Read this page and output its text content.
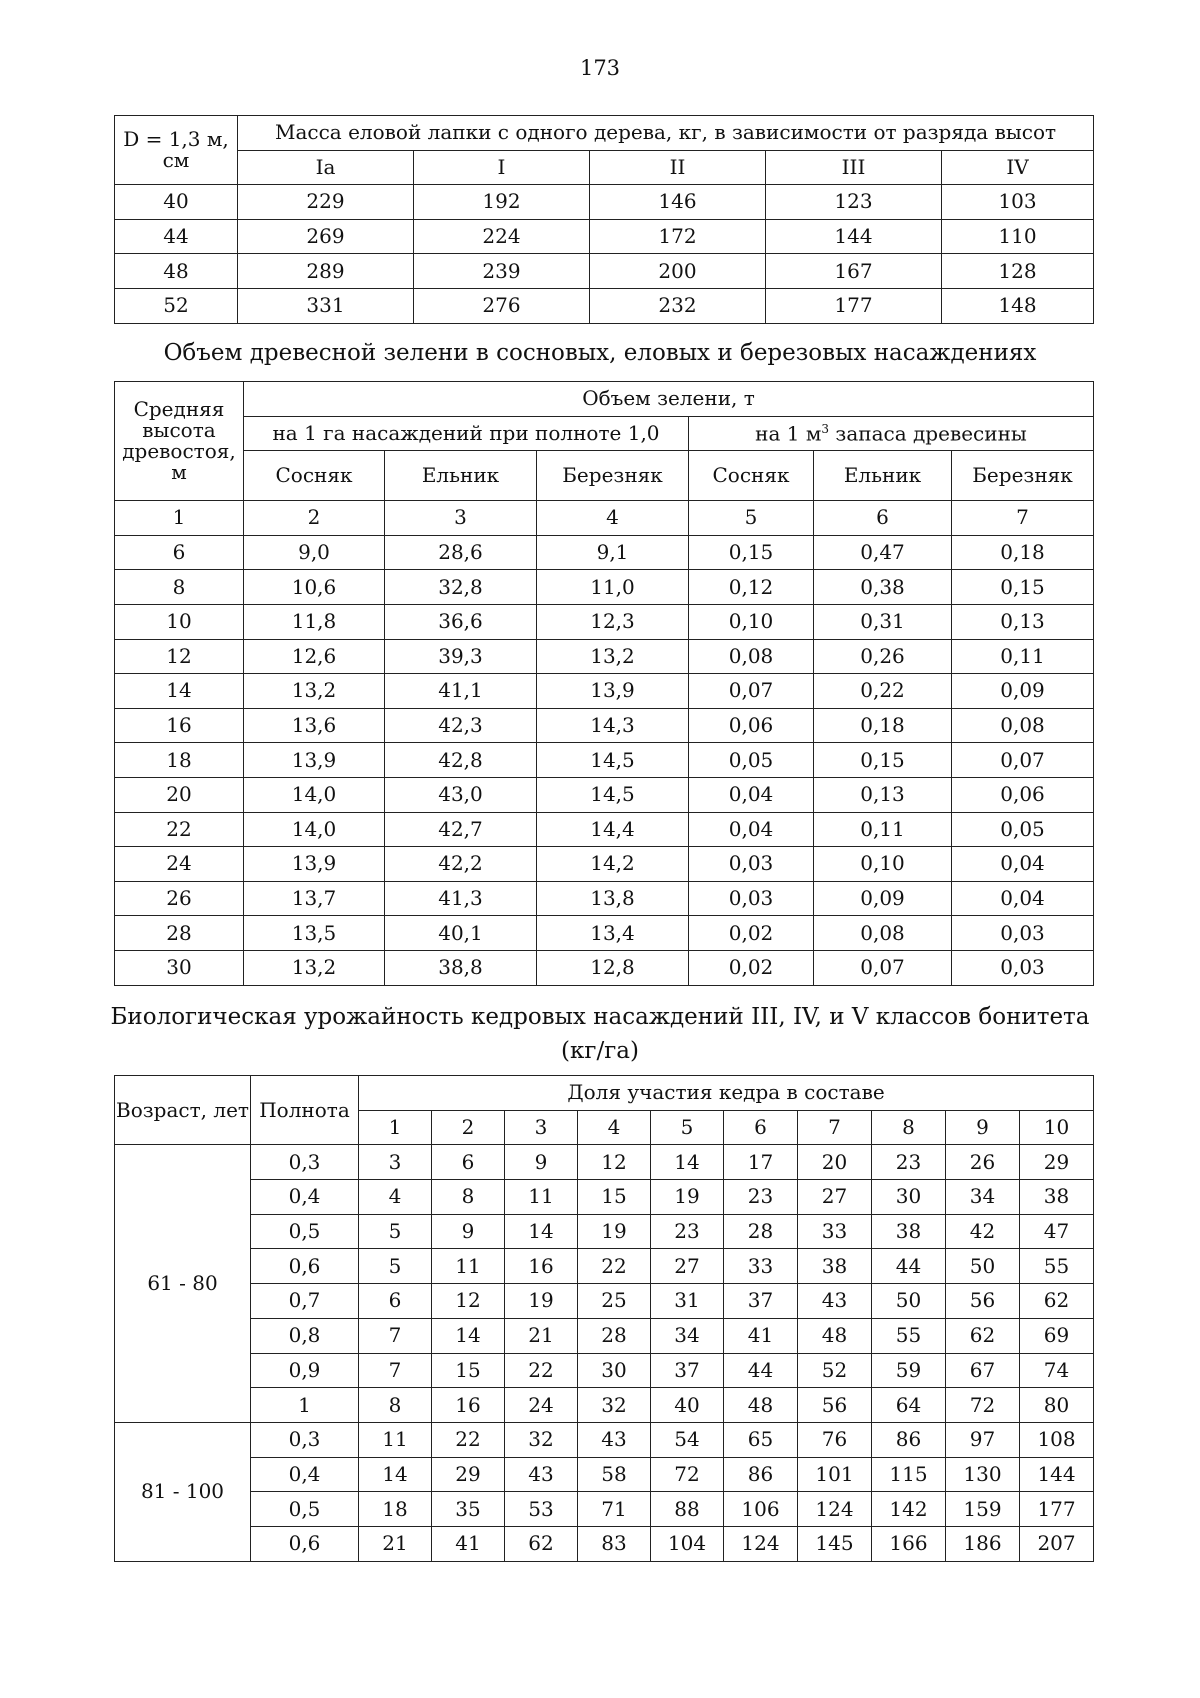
173
D = 1,3 м,
см	Масса еловой лапки с одного дерева, кг, в зависимости от разряда высот				
	Ia	I	II	III	IV
40	229	192	146	123	103
44	269	224	172	144	110
48	289	239	200	167	128
52	331	276	232	177	148
Объем древесной зелени в сосновых, еловых и березовых насаждениях
Средняя высота древостоя, м	Объем зелени, т					
	на 1 га насаждений при полноте 1,0			на 1 $м^3$ запаса древесины		
	Сосняк	Ельник	Березняк	Сосняк	Ельник	Березняк
1	2	3	4	5	6	7
6	9,0	28,6	9,1	0,15	0,47	0,18
8	10,6	32,8	11,0	0,12	0,38	0,15
10	11,8	36,6	12,3	0,10	0,31	0,13
12	12,6	39,3	13,2	0,08	0,26	0,11
14	13,2	41,1	13,9	0,07	0,22	0,09
16	13,6	42,3	14,3	0,06	0,18	0,08
18	13,9	42,8	14,5	0,05	0,15	0,07
20	14,0	43,0	14,5	0,04	0,13	0,06
22	14,0	42,7	14,4	0,04	0,11	0,05
24	13,9	42,2	14,2	0,03	0,10	0,04
26	13,7	41,3	13,8	0,03	0,09	0,04
28	13,5	40,1	13,4	0,02	0,08	0,03
30	13,2	38,8	12,8	0,02	0,07	0,03
Биологическая урожайность кедровых насаждений III, IV, и V классов бонитета
(кг/га)
Возраст, лет	Полнота	Доля участия кедра в составе									
		1	2	3	4	5	6	7	8	9	10
61 - 80	0,3	3	6	9	12	14	17	20	23	26	29
	0,4	4	8	11	15	19	23	27	30	34	38
	0,5	5	9	14	19	23	28	33	38	42	47
	0,6	5	11	16	22	27	33	38	44	50	55
	0,7	6	12	19	25	31	37	43	50	56	62
	0,8	7	14	21	28	34	41	48	55	62	69
	0,9	7	15	22	30	37	44	52	59	67	74
	1	8	16	24	32	40	48	56	64	72	80
81 - 100	0,3	11	22	32	43	54	65	76	86	97	108
	0,4	14	29	43	58	72	86	101	115	130	144
	0,5	18	35	53	71	88	106	124	142	159	177
	0,6	21	41	62	83	104	124	145	166	186	207
